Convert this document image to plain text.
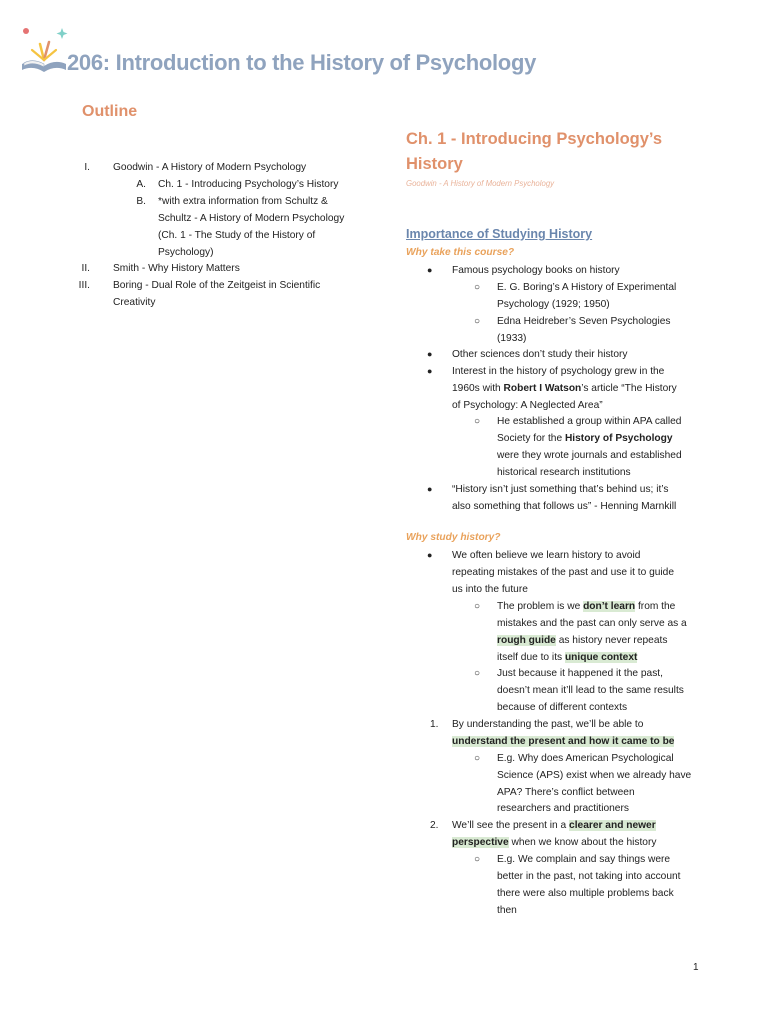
206: Introduction to the History of Psychology
Outline
I. Goodwin - A History of Modern Psychology
A. Ch. 1 - Introducing Psychology’s History
B. *with extra information from Schultz &
Schultz - A History of Modern Psychology
(Ch. 1 - The Study of the History of
Psychology)
II. Smith - Why History Matters
III. Boring - Dual Role of the Zeitgeist in Scientific
Creativity
Ch. 1 - Introducing Psychology’s
History
Goodwin - A History of Modern Psychology
Importance of Studying History
Why take this course?
● Famous psychology books on history
○ E. G. Boring’s A History of Experimental
Psychology (1929; 1950)
○ Edna Heidreber’s Seven Psychologies
(1933)
● Other sciences don’t study their history
● Interest in the history of psychology grew in the
1960s with Robert I Watson’s article “The History
of Psychology: A Neglected Area”
○ He established a group within APA called
Society for the History of Psychology
were they wrote journals and established
historical research institutions
● “History isn’t just something that’s behind us; it’s
also something that follows us” - Henning Marnkill
Why study history?
● We often believe we learn history to avoid
repeating mistakes of the past and use it to guide
us into the future
○ The problem is we don’t learn from the
mistakes and the past can only serve as a
rough guide as history never repeats
itself due to its unique context
○ Just because it happened it the past,
doesn’t mean it’ll lead to the same results
because of different contexts
1. By understanding the past, we’ll be able to
understand the present and how it came to be
○ E.g. Why does American Psychological
Science (APS) exist when we already have
APA? There’s conflict between
researchers and practitioners
2. We’ll see the present in a clearer and newer
perspective when we know about the history
○ E.g. We complain and say things were
better in the past, not taking into account
there were also multiple problems back
then
1
